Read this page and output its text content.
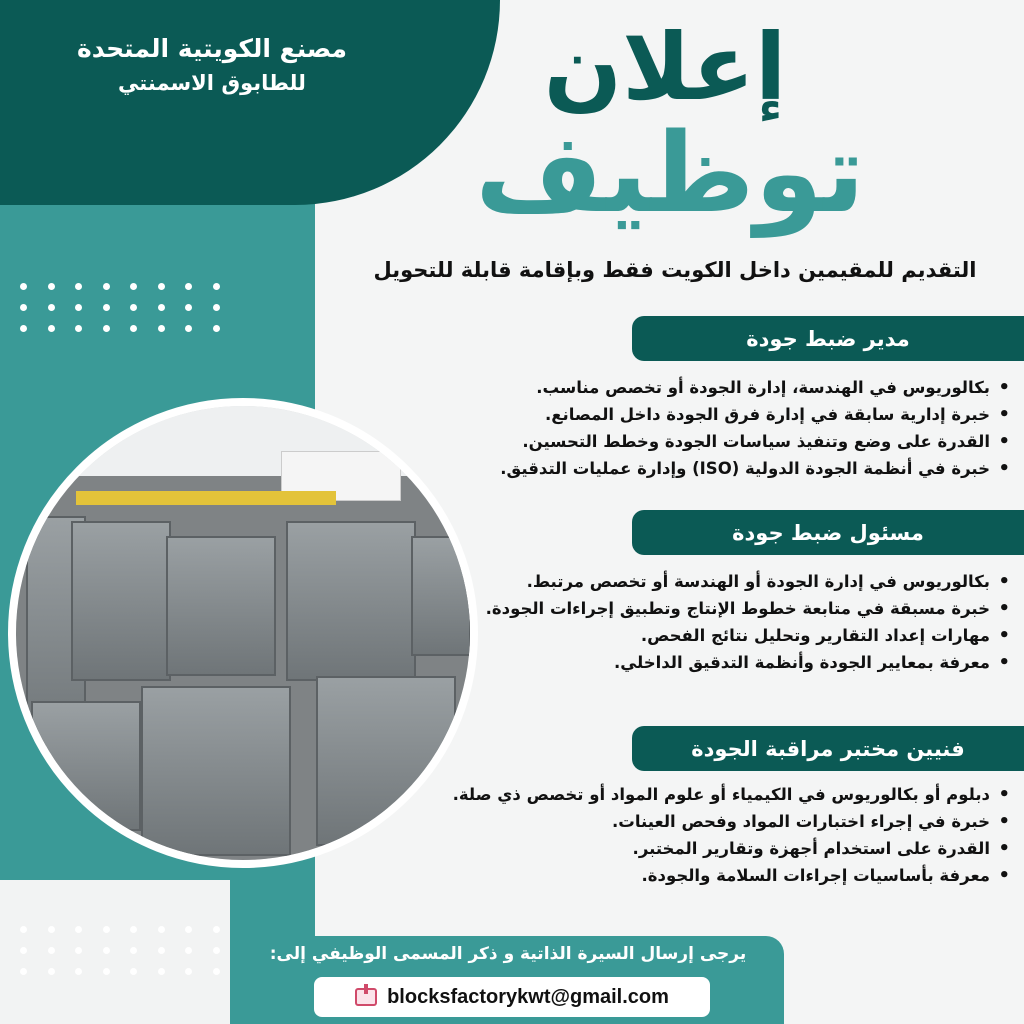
مصنع الكويتية المتحدة
للطابوق الاسمنتي	إعلان
توظيف
التقديم للمقيمين داخل الكويت فقط وبإقامة قابلة للتحويل
مدير ضبط جودة
• بكالوريوس في الهندسة، إدارة الجودة أو تخصص مناسب.
• خبرة إدارية سابقة في إدارة فرق الجودة داخل المصانع.
• القدرة على وضع وتنفيذ سياسات الجودة وخطط التحسين.
• خبرة في أنظمة الجودة الدولية (ISO) وإدارة عمليات التدقيق.
مسئول ضبط جودة
• بكالوريوس في إدارة الجودة أو الهندسة أو تخصص مرتبط.
• خبرة مسبقة في متابعة خطوط الإنتاج وتطبيق إجراءات الجودة.
• مهارات إعداد التقارير وتحليل نتائج الفحص.
• معرفة بمعايير الجودة وأنظمة التدقيق الداخلي.
فنيين مختبر مراقبة الجودة
• دبلوم أو بكالوريوس في الكيمياء أو علوم المواد أو تخصص ذي صلة.
• خبرة في إجراء اختبارات المواد وفحص العينات.
• القدرة على استخدام أجهزة وتقارير المختبر.
• معرفة بأساسيات إجراءات السلامة والجودة.
يرجى إرسال السيرة الذاتية و ذكر المسمى الوظيفي إلى:
blocksfactorykwt@gmail.com
